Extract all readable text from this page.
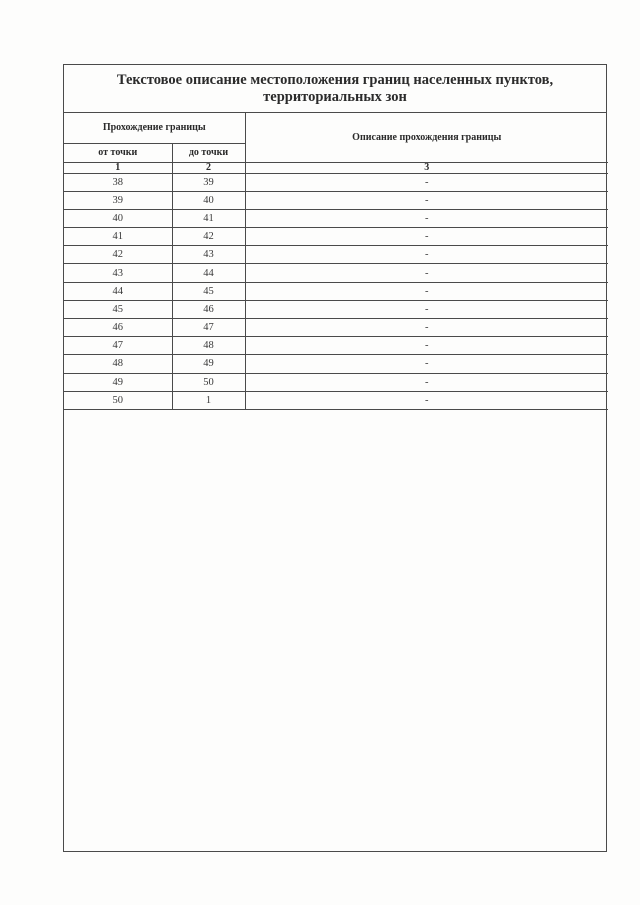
Текстовое описание местоположения границ населенных пунктов,
территориальных зон
Прохождение границы		Описание прохождения границы
от точки	до точки	
1	2	3
38	39	-
39	40	-
40	41	-
41	42	-
42	43	-
43	44	-
44	45	-
45	46	-
46	47	-
47	48	-
48	49	-
49	50	-
50	1	-
